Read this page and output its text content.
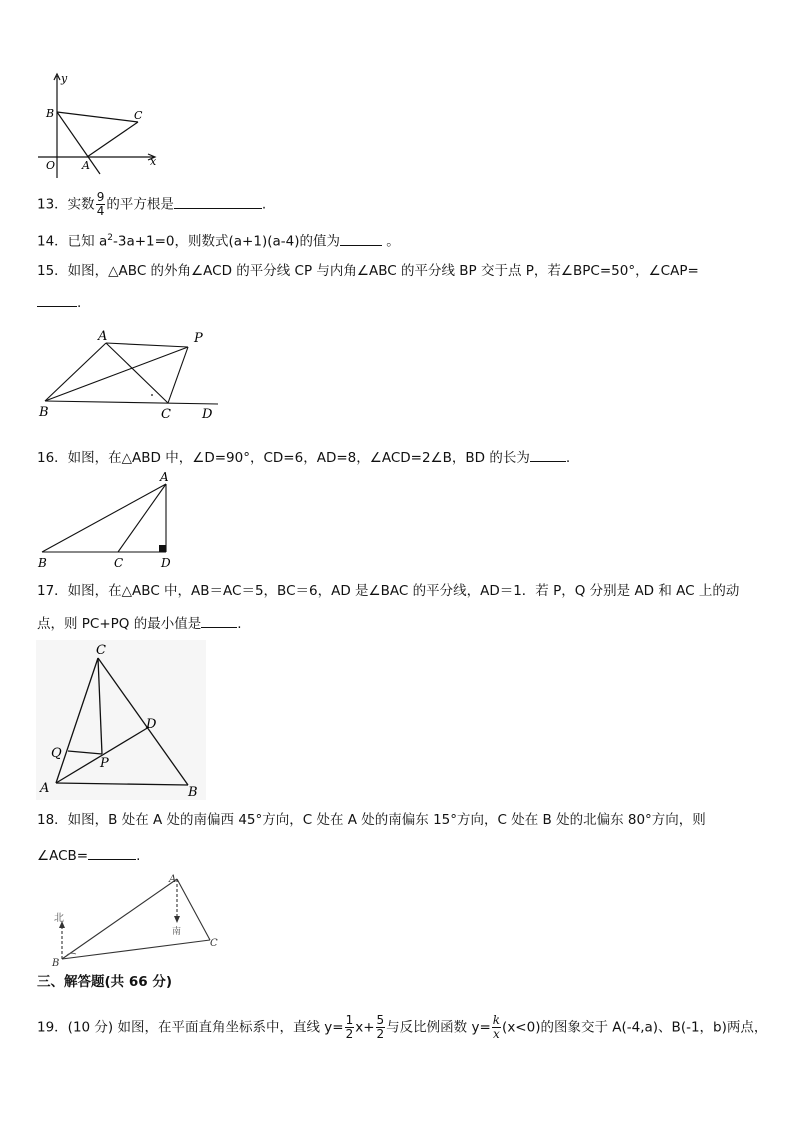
y
x
B	C
O A
13．实数 $\frac{9}{4}$ 的平方根是	.
14．已知 $a^2-3a+1=0$，则数式(a+1)(a-4)的值为	。
15．如图，△ABC 的外角∠ACD 的平分线 CP 与内角∠ABC 的平分线 BP 交于点 P，若∠BPC=50°，∠CAP=
.
A	P
B	C D
16．如图，在△ABD 中，∠D=90°，CD=6，AD=8，∠ACD=2∠B，BD 的长为	.
A
B	C	D
17．如图，在△ABC 中，AB＝AC＝5，BC＝6，AD 是∠BAC 的平分线，AD＝1．若 P，Q 分别是 AD 和 AC 上的动
点，则 PC+PQ 的最小值是	.
C
D
Q
P
A	B
18．如图，B 处在 A 处的南偏西 45°方向，C 处在 A 处的南偏东 15°方向，C 处在 B 处的北偏东 80°方向，则
∠ACB=	.
北
南
A
B
C
三、解答题(共 66 分)
19．(10 分) 如图，在平面直角坐标系中，直线 $y= \frac{1}{2} x+ \frac{5}{2}$ 与反比例函数 $y= \frac{k}{x} (x<0)$的图象交于 A(-4,a)、B(-1，b)两点，
